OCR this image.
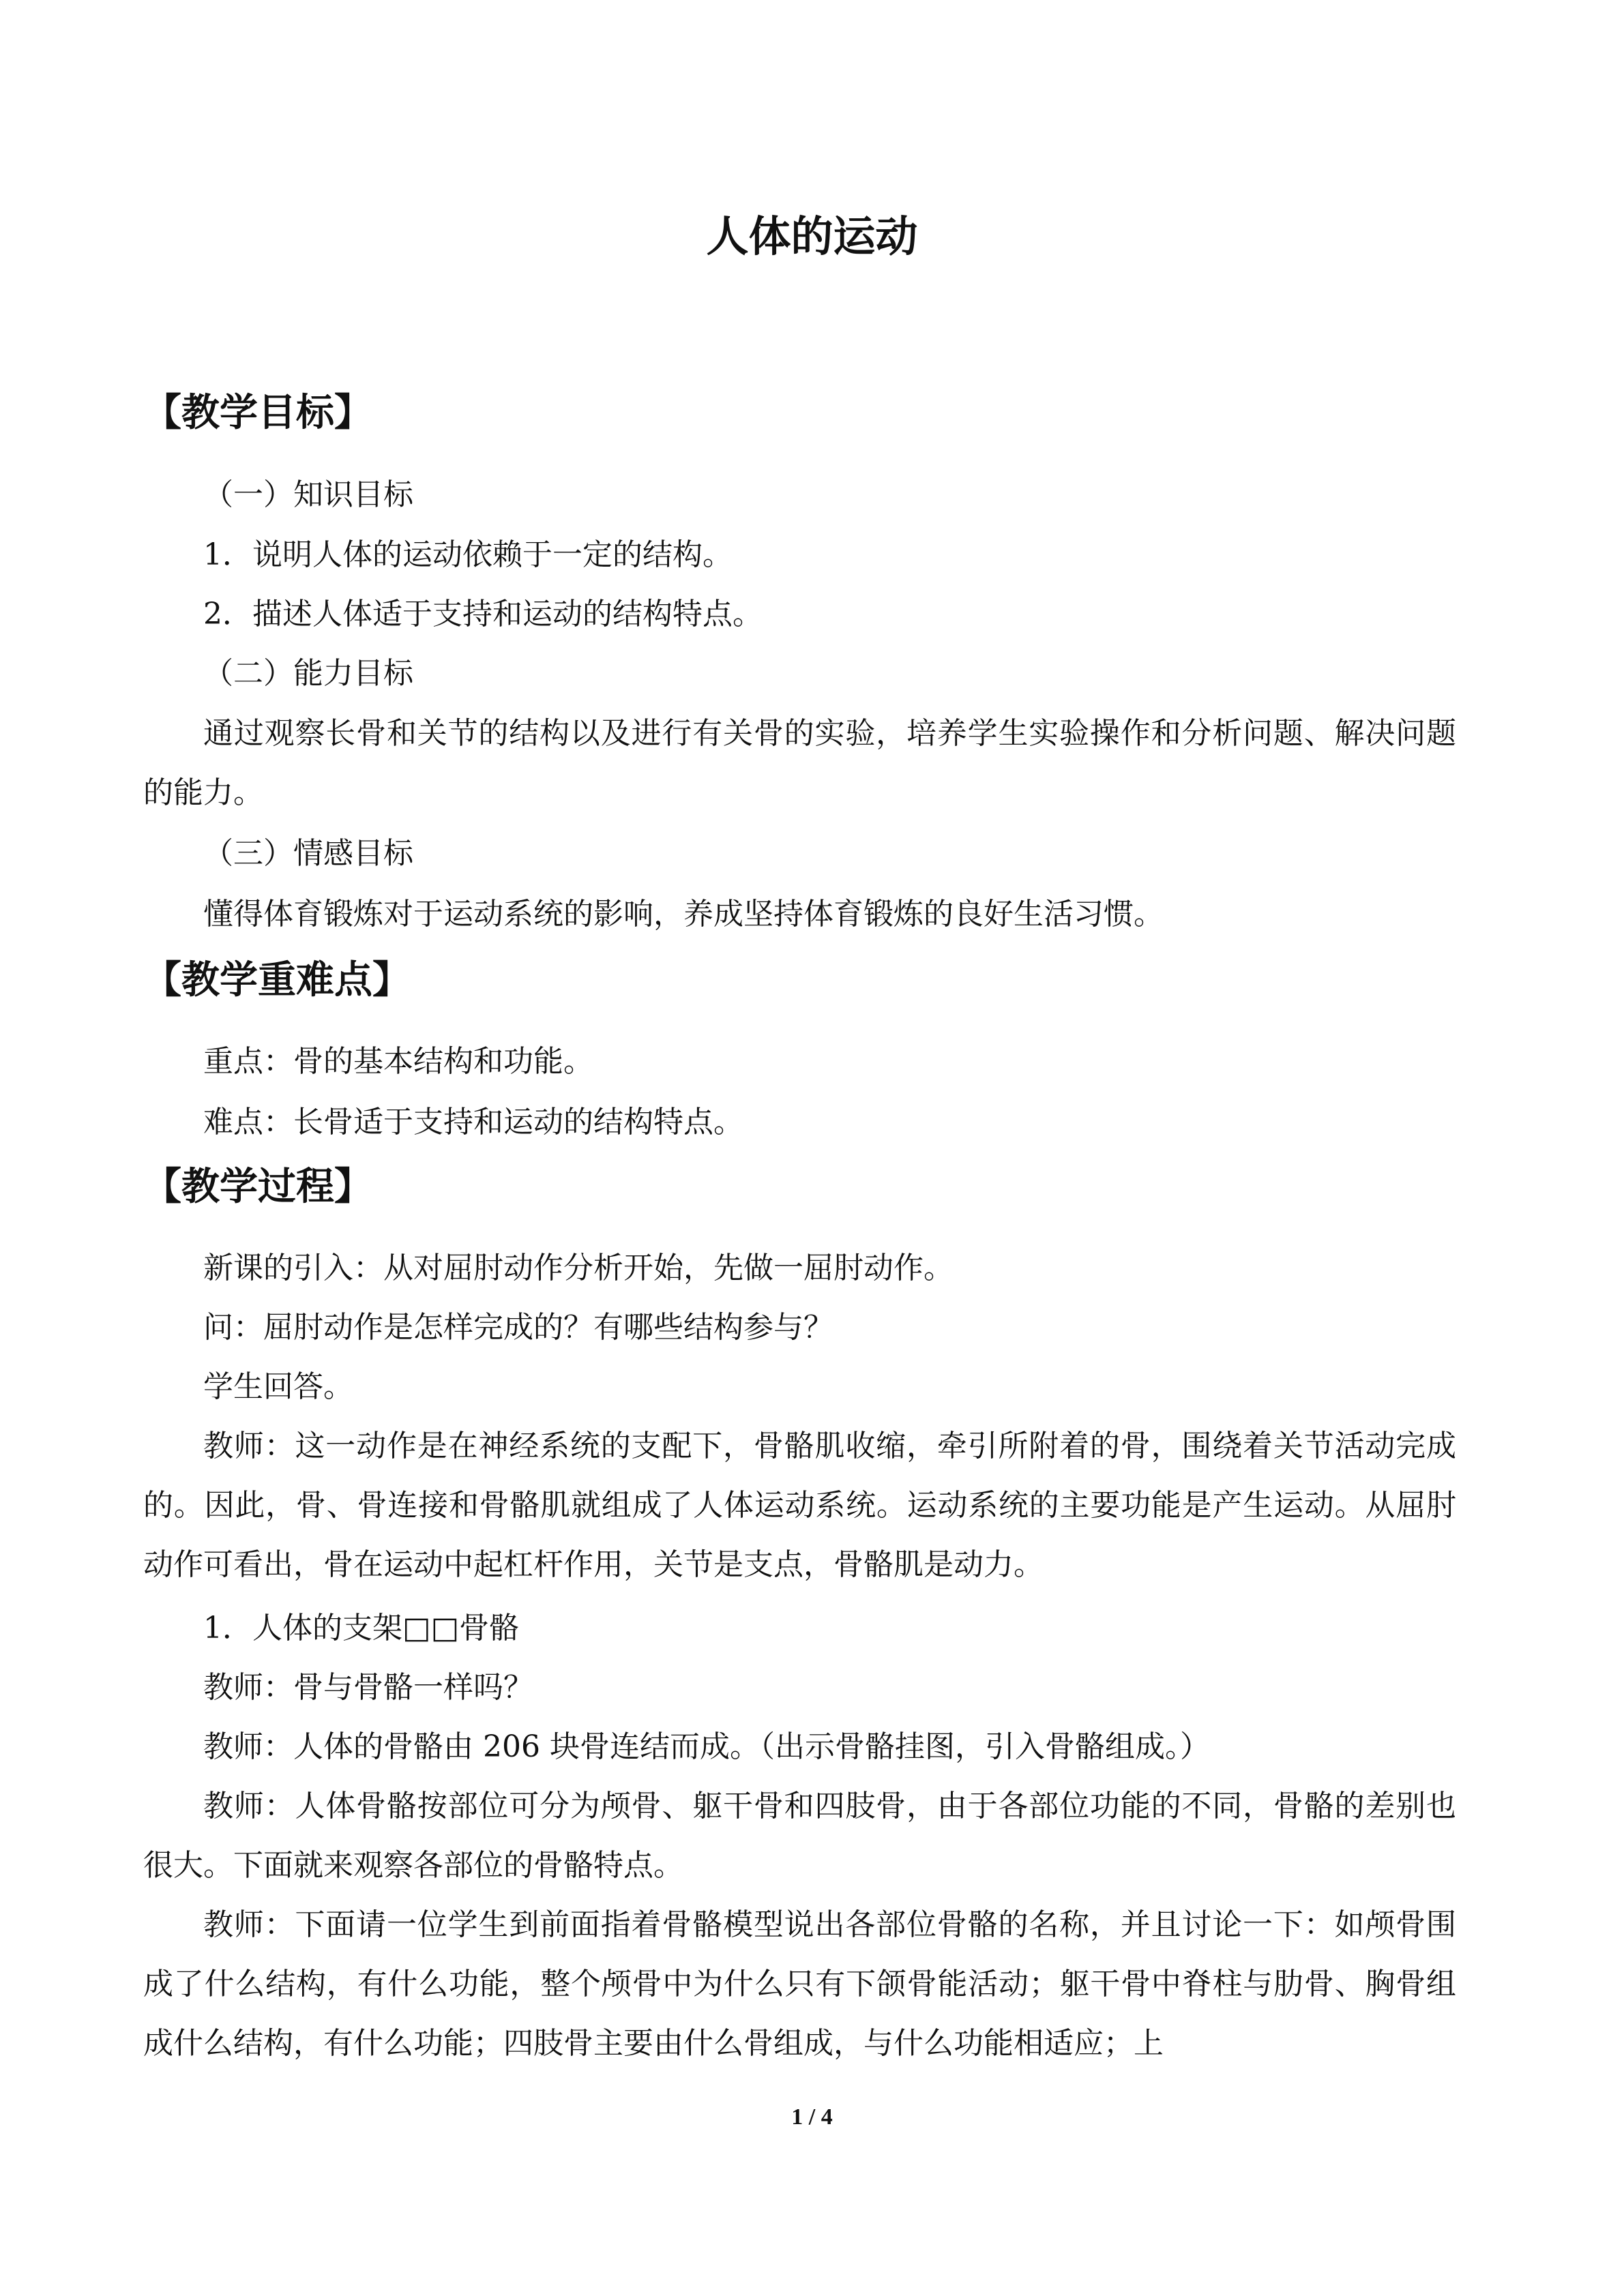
人体的运动
【教学目标】
（一）知识目标
1．说明人体的运动依赖于一定的结构。
2．描述人体适于支持和运动的结构特点。
（二）能力目标
通过观察长骨和关节的结构以及进行有关骨的实验，培养学生实验操作和分析问题、解决问题的能力。
（三）情感目标
懂得体育锻炼对于运动系统的影响，养成坚持体育锻炼的良好生活习惯。
【教学重难点】
重点：骨的基本结构和功能。
难点：长骨适于支持和运动的结构特点。
【教学过程】
新课的引入：从对屈肘动作分析开始，先做一屈肘动作。
问：屈肘动作是怎样完成的？有哪些结构参与？
学生回答。
教师：这一动作是在神经系统的支配下，骨骼肌收缩，牵引所附着的骨，围绕着关节活动完成的。因此，骨、骨连接和骨骼肌就组成了人体运动系统。运动系统的主要功能是产生运动。从屈肘动作可看出，骨在运动中起杠杆作用，关节是支点，骨骼肌是动力。
1．人体的支架□□骨骼
教师：骨与骨骼一样吗？
教师：人体的骨骼由 206 块骨连结而成。（出示骨骼挂图，引入骨骼组成。）
教师：人体骨骼按部位可分为颅骨、躯干骨和四肢骨，由于各部位功能的不同，骨骼的差别也很大。下面就来观察各部位的骨骼特点。
教师：下面请一位学生到前面指着骨骼模型说出各部位骨骼的名称，并且讨论一下：如颅骨围成了什么结构，有什么功能，整个颅骨中为什么只有下颌骨能活动；躯干骨中脊柱与肋骨、胸骨组成什么结构，有什么功能；四肢骨主要由什么骨组成，与什么功能相适应；上
1 / 4
